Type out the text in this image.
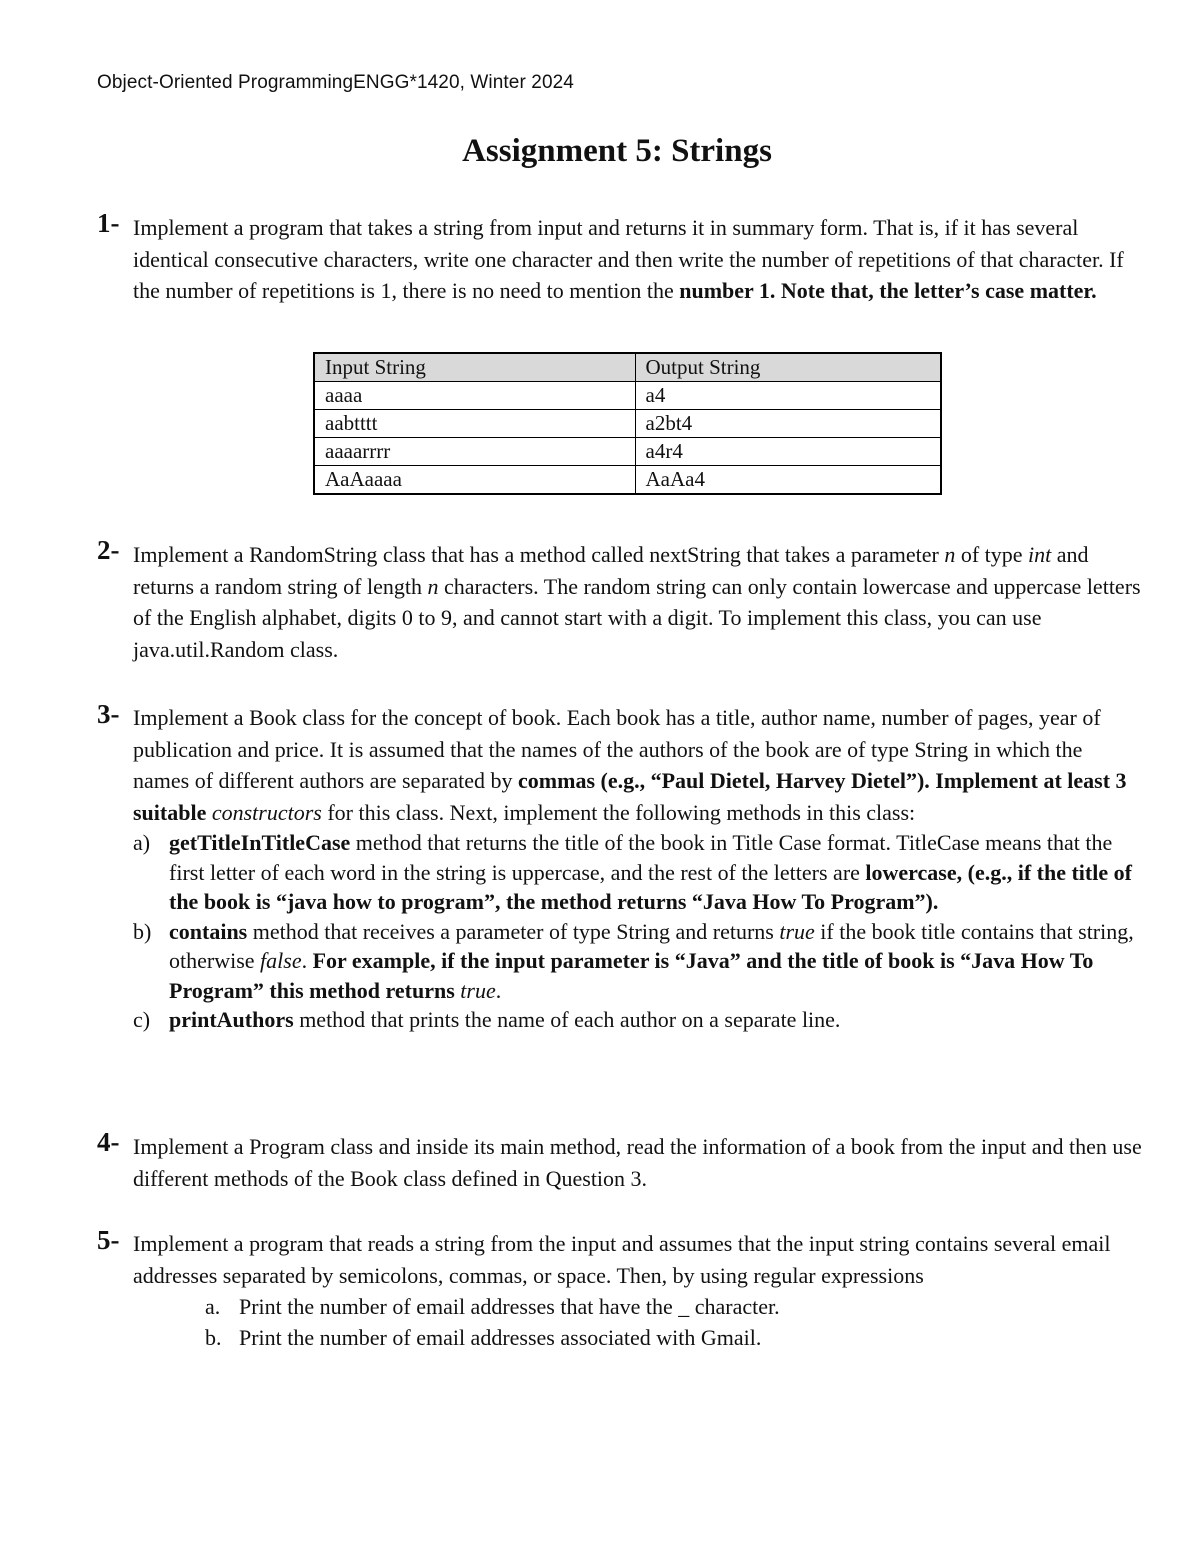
Object-Oriented ProgrammingENGG*1420, Winter 2024
Assignment 5: Strings
1- Implement a program that takes a string from input and returns it in summary form. That is, if it has several identical consecutive characters, write one character and then write the number of repetitions of that character. If the number of repetitions is 1, there is no need to mention the number 1. Note that, the letter’s case matter.

Input String	Output String
aaaa	a4
aabtttt	a2bt4
aaaarrrr	a4r4
AaAaaaa	AaAa4
2- Implement a RandomString class that has a method called nextString that takes a parameter n of type int and returns a random string of length n characters. The random string can only contain lowercase and uppercase letters of the English alphabet, digits 0 to 9, and cannot start with a digit. To implement this class, you can use java.util.Random class.

3- Implement a Book class for the concept of book. Each book has a title, author name, number of pages, year of publication and price. It is assumed that the names of the authors of the book are of type String in which the names of different authors are separated by commas (e.g., “Paul Dietel, Harvey Dietel”). Implement at least 3 suitable constructors for this class. Next, implement the following methods in this class:

a) getTitleInTitleCase method that returns the title of the book in Title Case format. TitleCase means that the first letter of each word in the string is uppercase, and the rest of the letters are lowercase, (e.g., if the title of the book is “java how to program”, the method returns “Java How To Program”).
b) contains method that receives a parameter of type String and returns true if the book title contains that string, otherwise false. For example, if the input parameter is “Java” and the title of book is “Java How To Program” this method returns true.
c) printAuthors method that prints the name of each author on a separate line.
4- Implement a Program class and inside its main method, read the information of a book from the input and then use different methods of the Book class defined in Question 3.

5- Implement a program that reads a string from the input and assumes that the input string contains several email addresses separated by semicolons, commas, or space. Then, by using regular expressions

a. Print the number of email addresses that have the _ character.
b. Print the number of email addresses associated with Gmail.
